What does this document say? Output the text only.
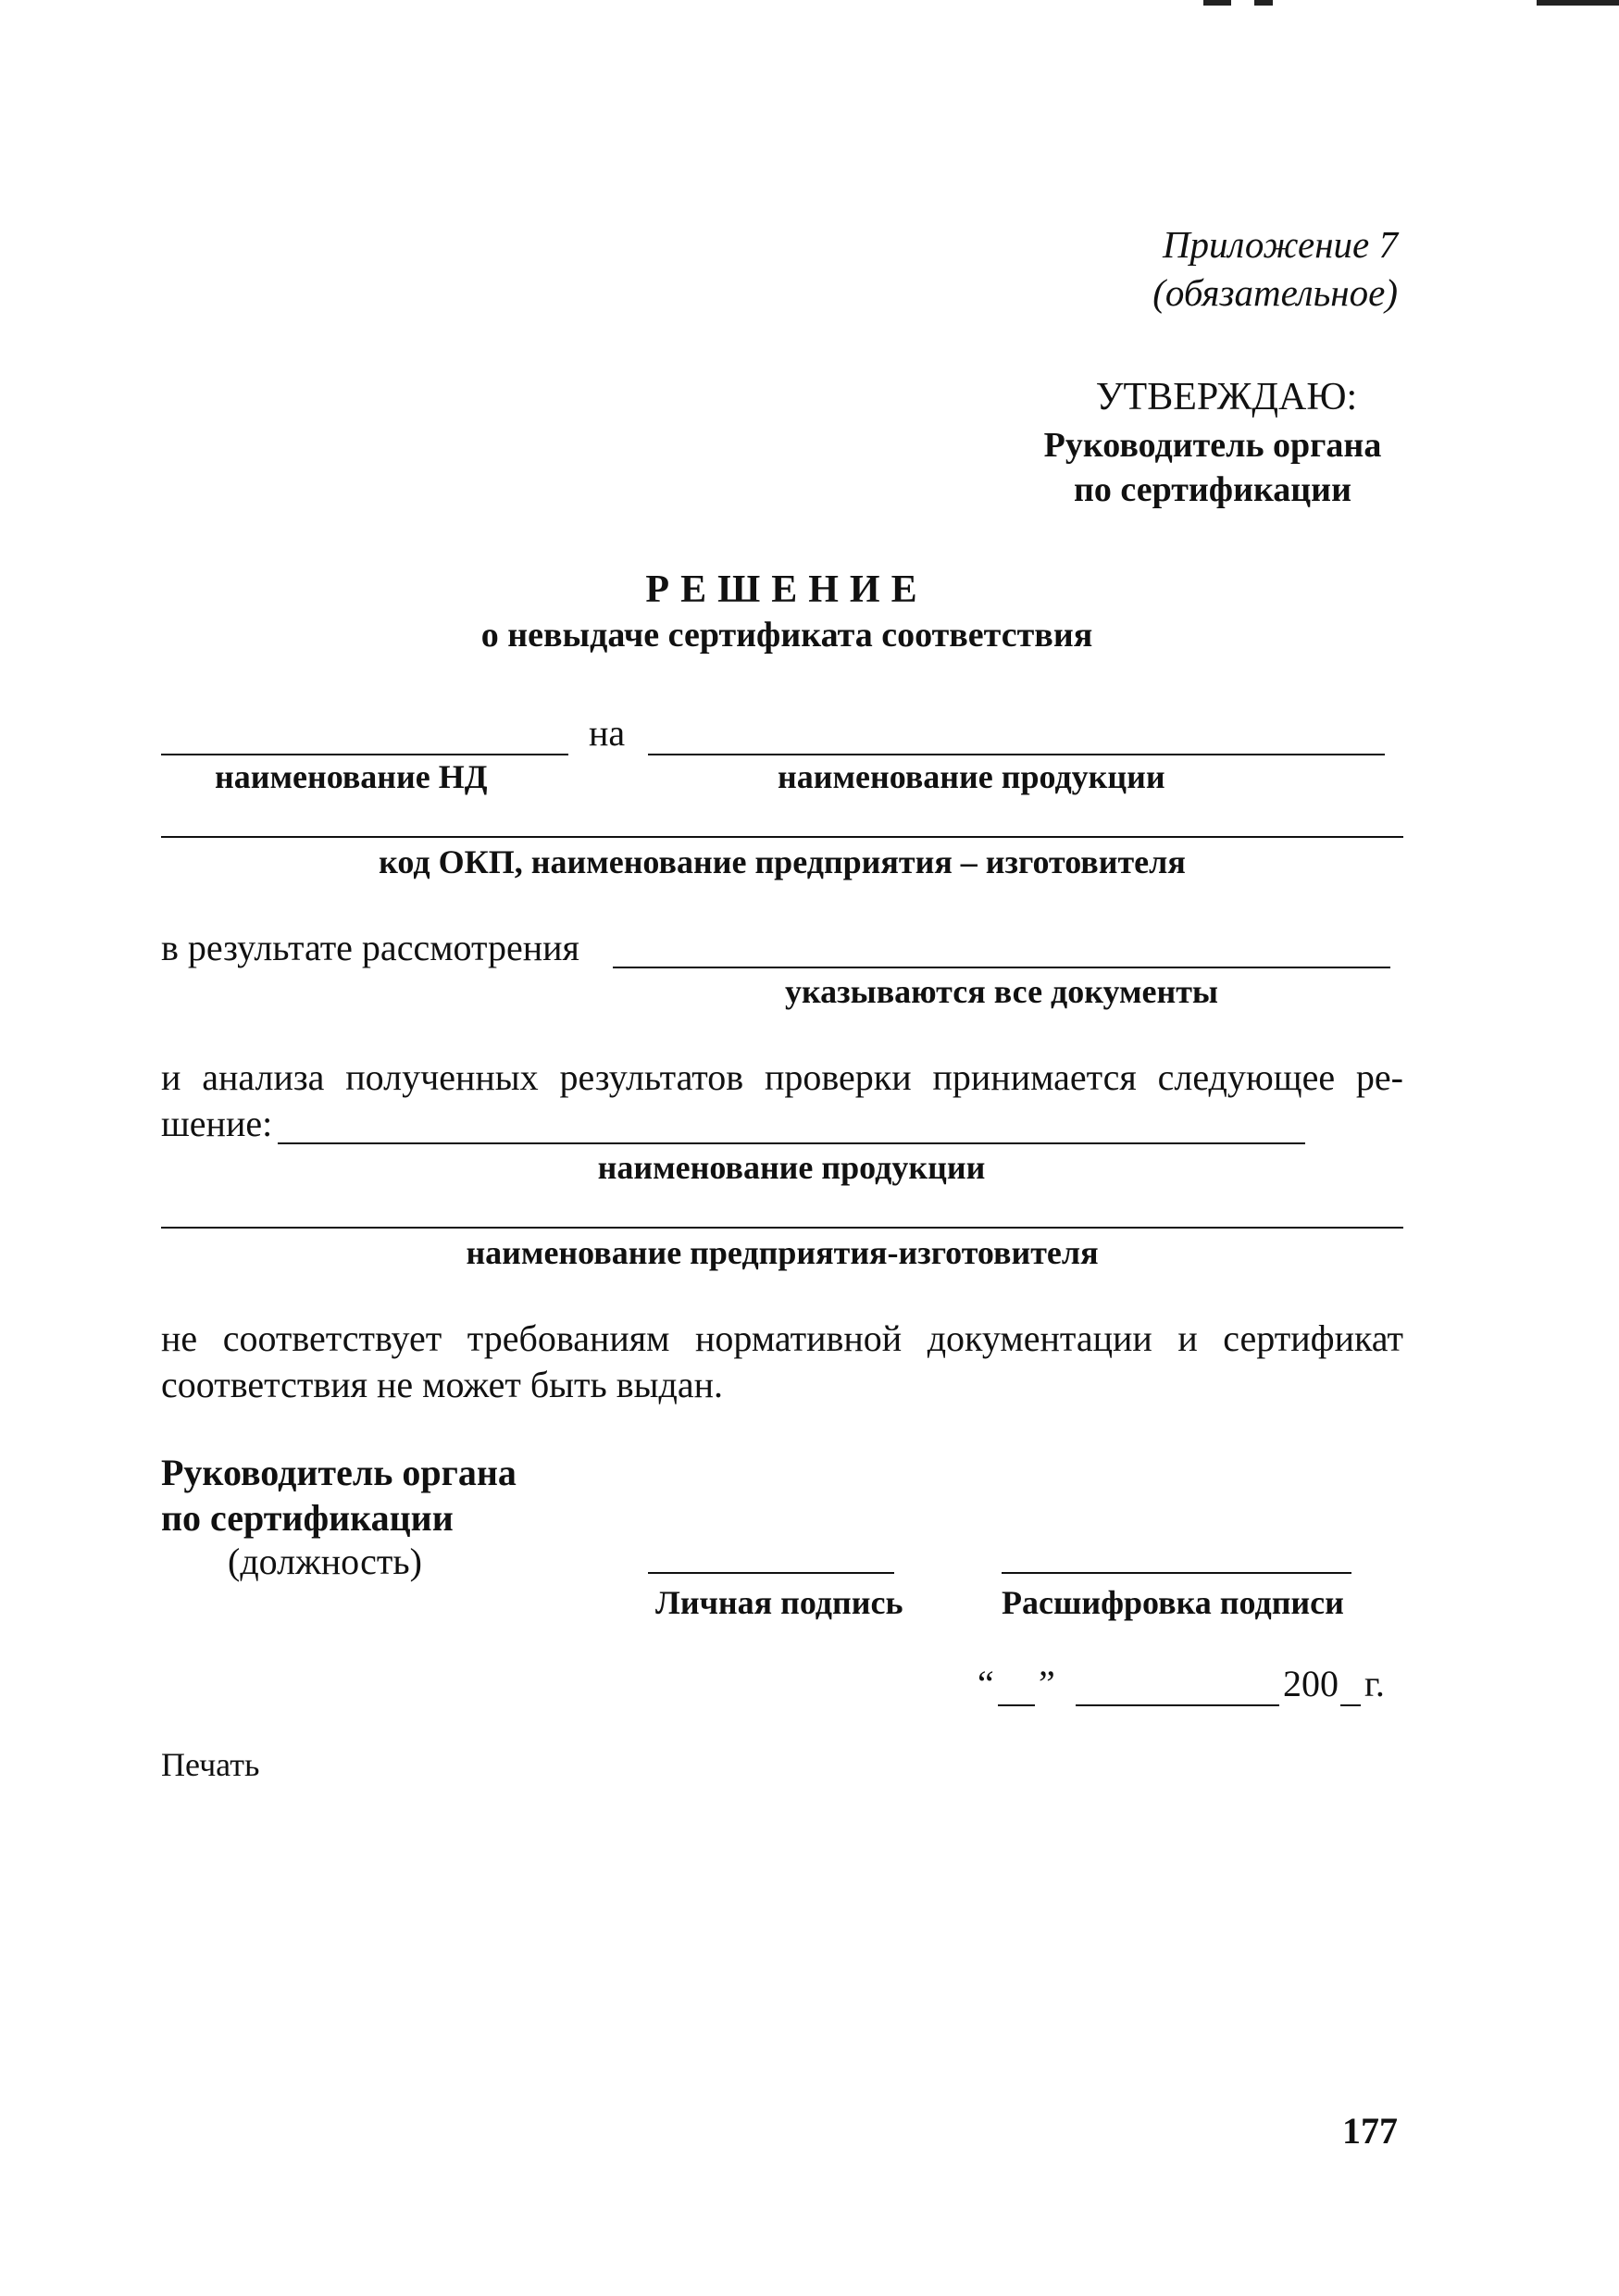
Приложение 7
(обязательное)
УТВЕРЖДАЮ:
Руководитель органа
по сертификации
РЕШЕНИЕ
о невыдаче сертификата соответствия
на
наименование НД	наименование продукции
код ОКП, наименование предприятия – изготовителя
в результате рассмотрения
указываются все документы
и анализа полученных результатов проверки принимается следующее ре-
шение:
наименование продукции
наименование предприятия-изготовителя
не соответствует требованиям нормативной документации и сертификат
соответствия не может быть выдан.
Руководитель органа
по сертификации
(должность)
Личная подпись	Расшифровка подписи
“ ”	200 г.
Печать
177
